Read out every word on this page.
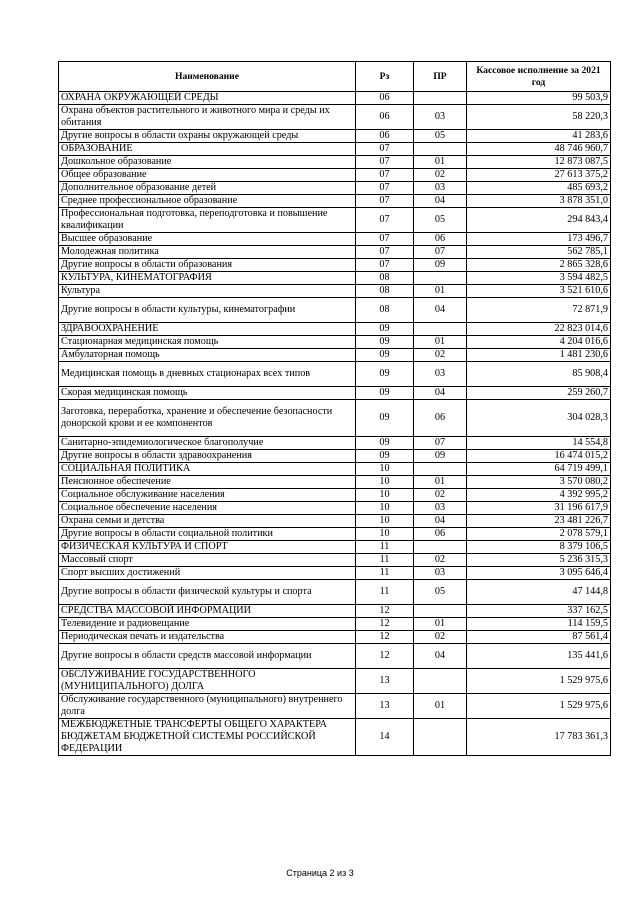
Наименование	Рз	ПР	Кассовое исполнение за 2021 год
ОХРАНА ОКРУЖАЮЩЕЙ СРЕДЫ	06		99 503,9
Охрана объектов растительного и животного мира и среды их обитания	06	03	58 220,3
Другие вопросы в области охраны окружающей среды	06	05	41 283,6
ОБРАЗОВАНИЕ	07		48 746 960,7
Дошкольное образование	07	01	12 873 087,5
Общее образование	07	02	27 613 375,2
Дополнительное образование детей	07	03	485 693,2
Среднее профессиональное образование	07	04	3 878 351,0
Профессиональная подготовка, переподготовка и повышение квалификации	07	05	294 843,4
Высшее образование	07	06	173 496,7
Молодежная политика	07	07	562 785,1
Другие вопросы в области образования	07	09	2 865 328,6
КУЛЬТУРА, КИНЕМАТОГРАФИЯ	08		3 594 482,5
Культура	08	01	3 521 610,6
Другие вопросы в области культуры, кинематографии	08	04	72 871,9
ЗДРАВООХРАНЕНИЕ	09		22 823 014,6
Стационарная медицинская помощь	09	01	4 204 016,6
Амбулаторная помощь	09	02	1 481 230,6
Медицинская помощь в дневных стационарах всех типов	09	03	85 908,4
Скорая медицинская помощь	09	04	259 260,7
Заготовка, переработка, хранение и обеспечение безопасности донорской крови и ее компонентов	09	06	304 028,3
Санитарно-эпидемиологическое благополучие	09	07	14 554,8
Другие вопросы в области здравоохранения	09	09	16 474 015,2
СОЦИАЛЬНАЯ ПОЛИТИКА	10		64 719 499,1
Пенсионное обеспечение	10	01	3 570 080,2
Социальное обслуживание населения	10	02	4 392 995,2
Социальное обеспечение населения	10	03	31 196 617,9
Охрана семьи и детства	10	04	23 481 226,7
Другие вопросы в области социальной политики	10	06	2 078 579,1
ФИЗИЧЕСКАЯ КУЛЬТУРА И СПОРТ	11		8 379 106,5
Массовый спорт	11	02	5 236 315,3
Спорт высших достижений	11	03	3 095 646,4
Другие вопросы в области физической культуры и спорта	11	05	47 144,8
СРЕДСТВА МАССОВОЙ ИНФОРМАЦИИ	12		337 162,5
Телевидение и радиовещание	12	01	114 159,5
Периодическая печать и издательства	12	02	87 561,4
Другие вопросы в области средств массовой информации	12	04	135 441,6
ОБСЛУЖИВАНИЕ ГОСУДАРСТВЕННОГО (МУНИЦИПАЛЬНОГО) ДОЛГА	13		1 529 975,6
Обслуживание государственного (муниципального) внутреннего долга	13	01	1 529 975,6
МЕЖБЮДЖЕТНЫЕ ТРАНСФЕРТЫ ОБЩЕГО ХАРАКТЕРА БЮДЖЕТАМ БЮДЖЕТНОЙ СИСТЕМЫ РОССИЙСКОЙ ФЕДЕРАЦИИ	14		17 783 361,3
Страница 2 из 3
